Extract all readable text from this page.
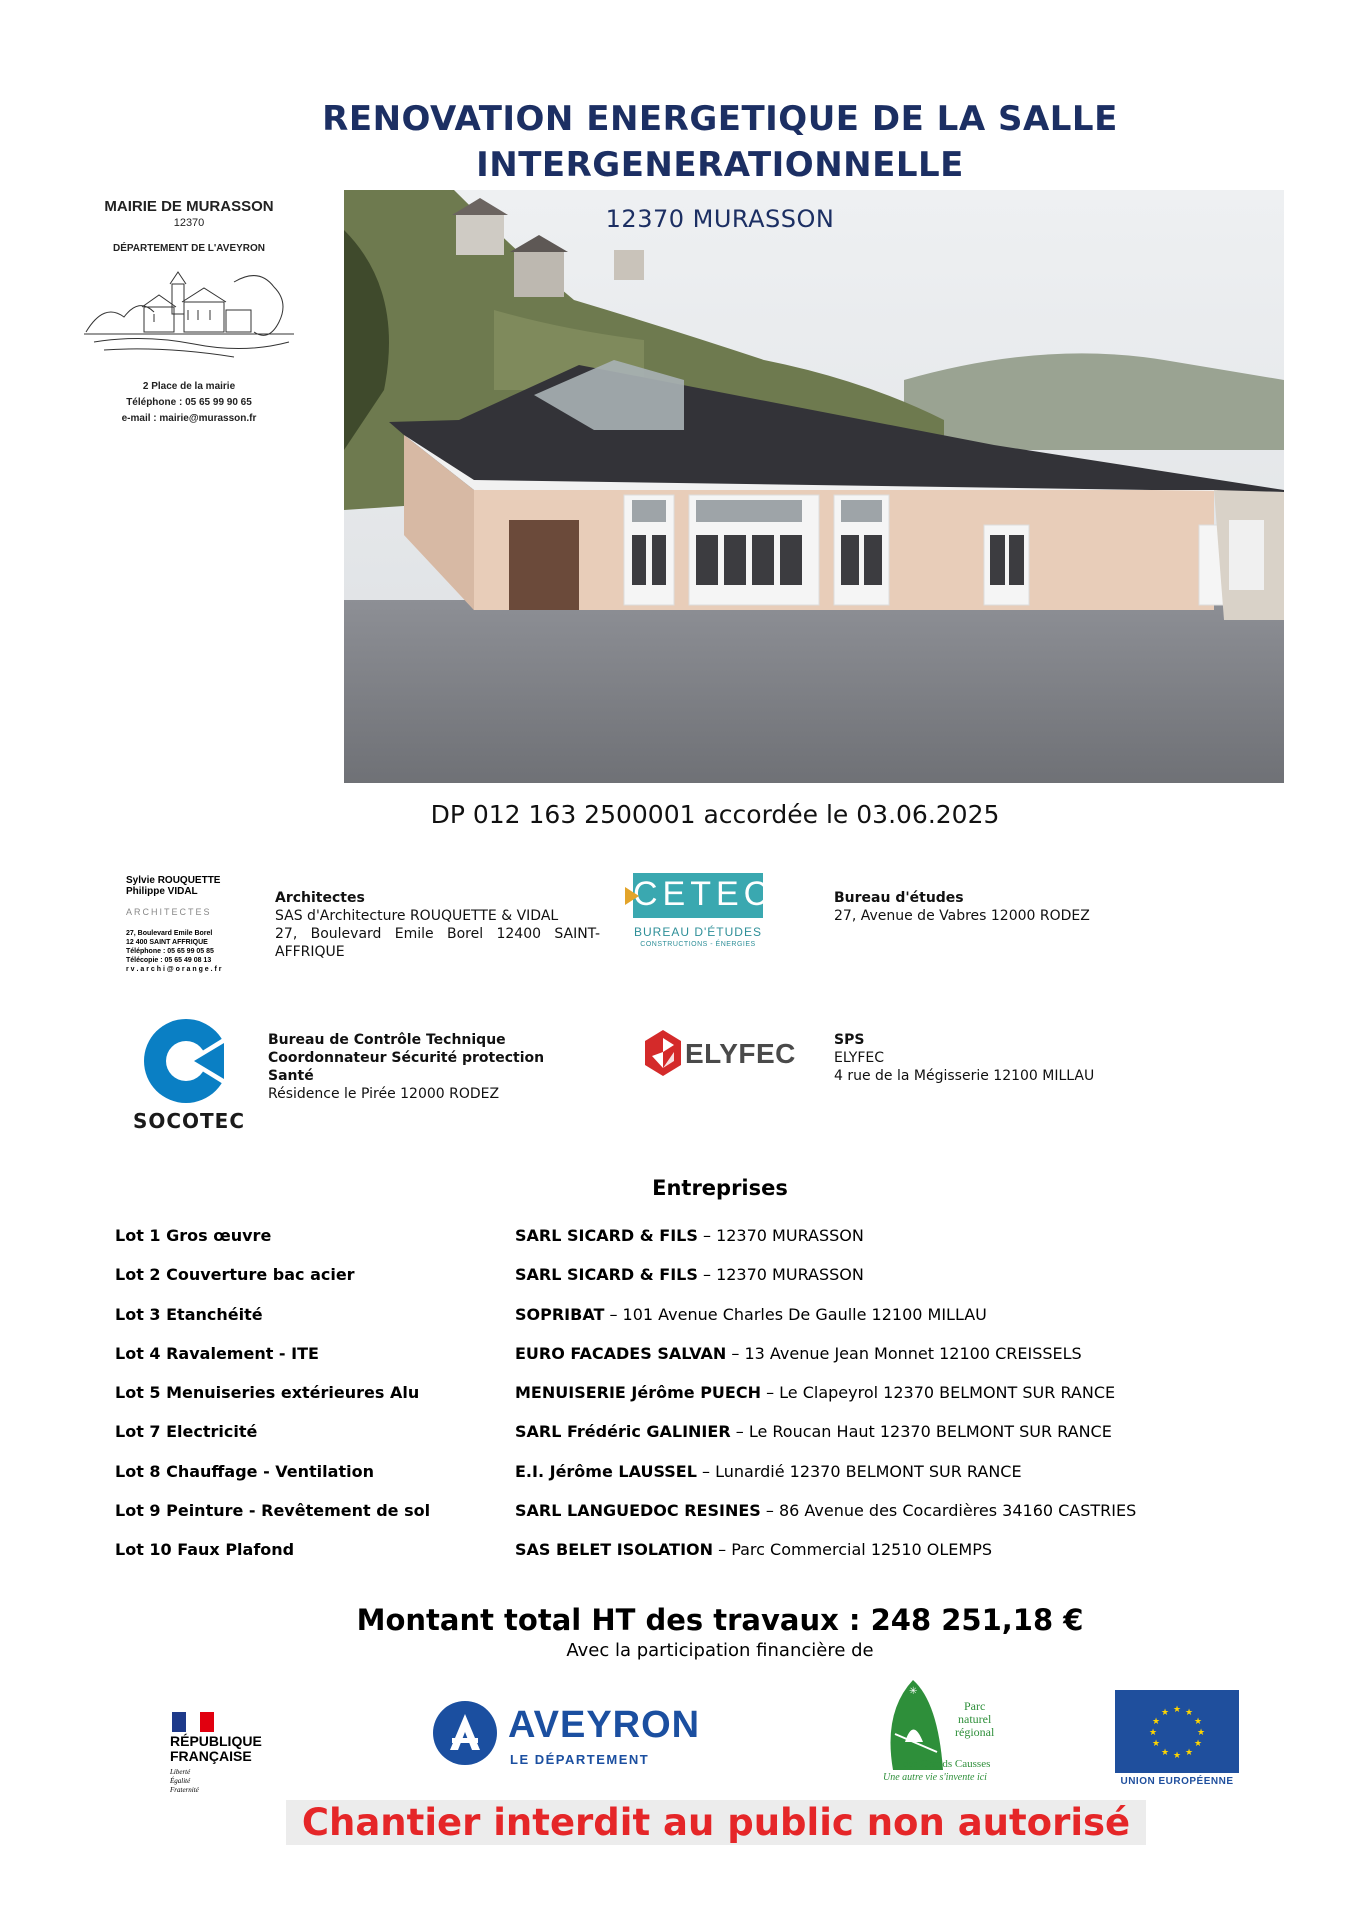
RENOVATION ENERGETIQUE DE LA SALLE
INTERGENERATIONNELLE
MAIRIE DE MURASSON
12370
DÉPARTEMENT DE L'AVEYRON
2 Place de la mairie
Téléphone : 05 65 99 90 65
e-mail : mairie@murasson.fr
12370 MURASSON
DP 012 163 2500001 accordée le 03.06.2025
Sylvie ROUQUETTE
Philippe VIDAL
ARCHITECTES
27, Boulevard Emile Borel
12 400 SAINT AFFRIQUE
Téléphone : 05 65 99 05 85
Télécopie : 05 65 49 08 13
r v . a r c h i @ o r a n g e . f r
Architectes
SAS d'Architecture ROUQUETTE & VIDAL
27, Boulevard Emile Borel 12400 SAINT-AFFRIQUE
CETEC
BUREAU D'ÉTUDES
CONSTRUCTIONS - ÉNERGIES
Bureau d'études
27, Avenue de Vabres 12000 RODEZ
SOCOTEC
Bureau de Contrôle Technique
Coordonnateur Sécurité protection
Santé
Résidence le Pirée 12000 RODEZ
ELYFEC	SPS
ELYFEC
4 rue de la Mégisserie 12100 MILLAU
Entreprises
Lot 1 Gros œuvre	SARL SICARD & FILS – 12370 MURASSON
Lot 2 Couverture bac acier	SARL SICARD & FILS – 12370 MURASSON
Lot 3 Etanchéité	SOPRIBAT – 101 Avenue Charles De Gaulle 12100 MILLAU
Lot 4 Ravalement - ITE	EURO FACADES SALVAN – 13 Avenue Jean Monnet 12100 CREISSELS
Lot 5 Menuiseries extérieures Alu	MENUISERIE Jérôme PUECH – Le Clapeyrol 12370 BELMONT SUR RANCE
Lot 7 Electricité	SARL Frédéric GALINIER – Le Roucan Haut 12370 BELMONT SUR RANCE
Lot 8 Chauffage - Ventilation	E.I. Jérôme LAUSSEL – Lunardié 12370 BELMONT SUR RANCE
Lot 9 Peinture - Revêtement de sol	SARL LANGUEDOC RESINES – 86 Avenue des Cocardières 34160 CASTRIES
Lot 10 Faux Plafond	SAS BELET ISOLATION – Parc Commercial 12510 OLEMPS
Montant total HT des travaux : 248 251,18 €
Avec la participation financière de
RÉPUBLIQUE
FRANÇAISE
Liberté
Égalité
Fraternité
AVEYRON
LE DÉPARTEMENT
✳
Parc
naturel
régional
des Grands Causses
Une autre vie s'invente ici
★ ★
★
★
★
★
★
★
★
★
★
★
UNION EUROPÉENNE
Chantier interdit au public non autorisé
